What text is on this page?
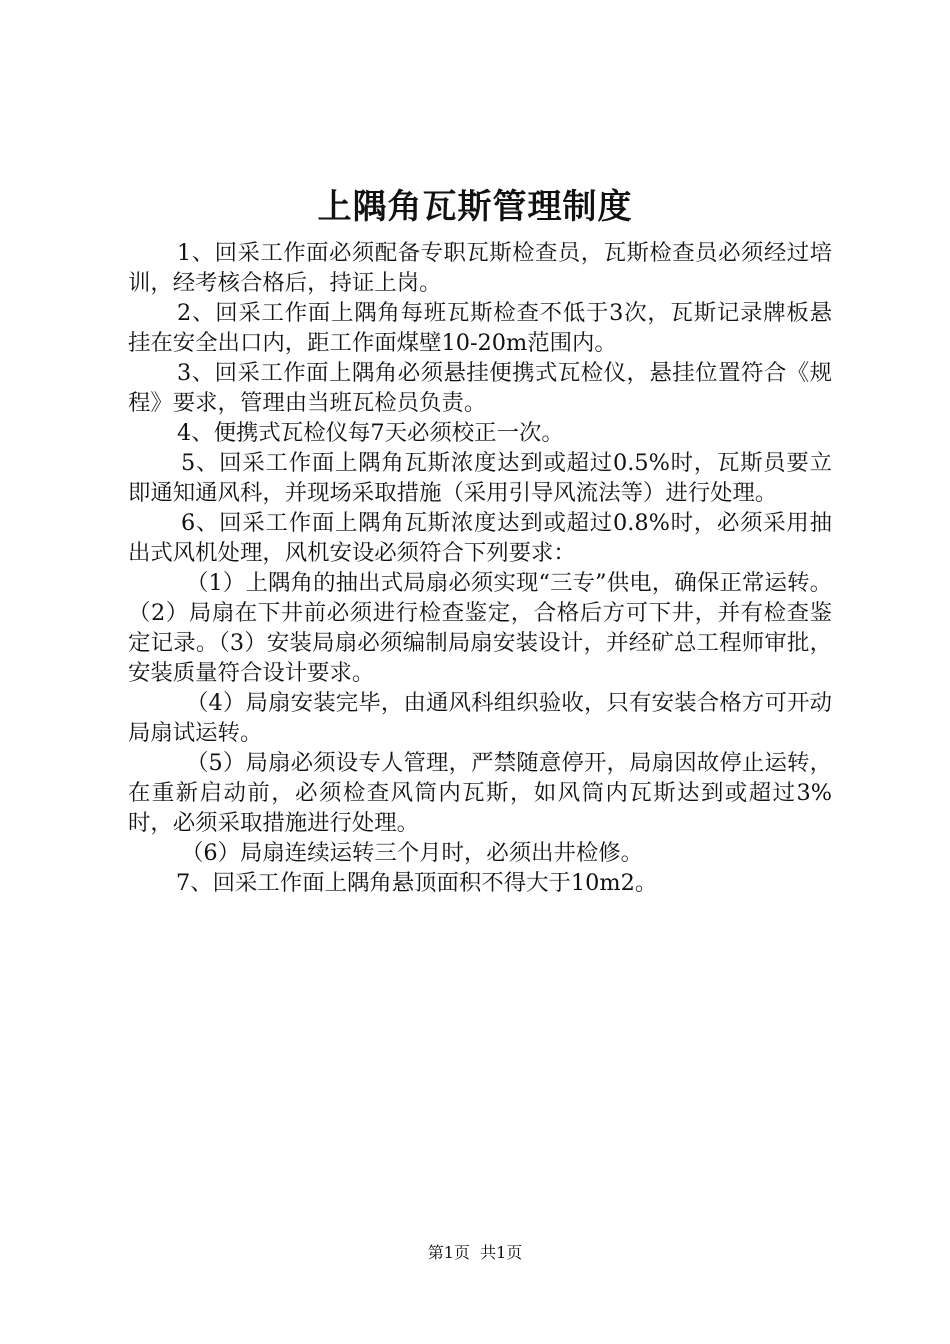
上隅角瓦斯管理制度

1、回采工作面必须配备专职瓦斯检查员，瓦斯检查员必须经过培训，经考核合格后，持证上岗。

2、回采工作面上隅角每班瓦斯检查不低于3次，瓦斯记录牌板悬挂在安全出口内，距工作面煤壁10-20m范围内。

3、回采工作面上隅角必须悬挂便携式瓦检仪，悬挂位置符合《规程》要求，管理由当班瓦检员负责。

4、便携式瓦检仪每7天必须校正一次。

5、回采工作面上隅角瓦斯浓度达到或超过0.5%时，瓦斯员要立即通知通风科，并现场采取措施（采用引导风流法等）进行处理。

6、回采工作面上隅角瓦斯浓度达到或超过0.8%时，必须采用抽出式风机处理，风机安设必须符合下列要求：

（1）上隅角的抽出式局扇必须实现“三专”供电，确保正常运转。（2）局扇在下井前必须进行检查鉴定，合格后方可下井，并有检查鉴定记录。（3）安装局扇必须编制局扇安装设计，并经矿总工程师审批，安装质量符合设计要求。

（4）局扇安装完毕，由通风科组织验收，只有安装合格方可开动局扇试运转。

（5）局扇必须设专人管理，严禁随意停开，局扇因故停止运转，在重新启动前，必须检查风筒内瓦斯，如风筒内瓦斯达到或超过3%时，必须采取措施进行处理。

（6）局扇连续运转三个月时，必须出井检修。

7、回采工作面上隅角悬顶面积不得大于10m2。

第1页 共1页
